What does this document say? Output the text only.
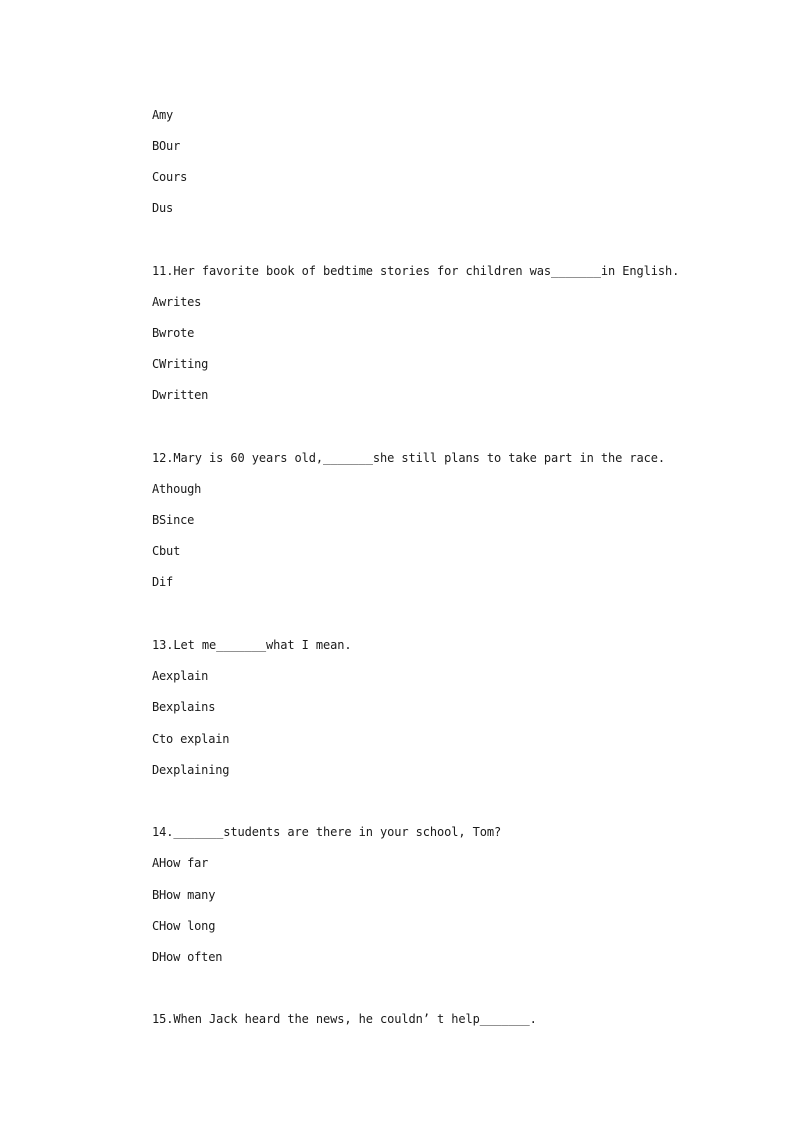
Amy
BOur
Cours
Dus
11.Her favorite book of bedtime stories for children was_______in English.
Awrites
Bwrote
CWriting
Dwritten
12.Mary is 60 years old,_______she still plans to take part in the race.
Athough
BSince
Cbut
Dif
13.Let me_______what I mean.
Aexplain
Bexplains
Cto explain
Dexplaining
14._______students are there in your school, Tom?
AHow far
BHow many
CHow long
DHow often
15.When Jack heard the news, he couldn’ t help_______.
